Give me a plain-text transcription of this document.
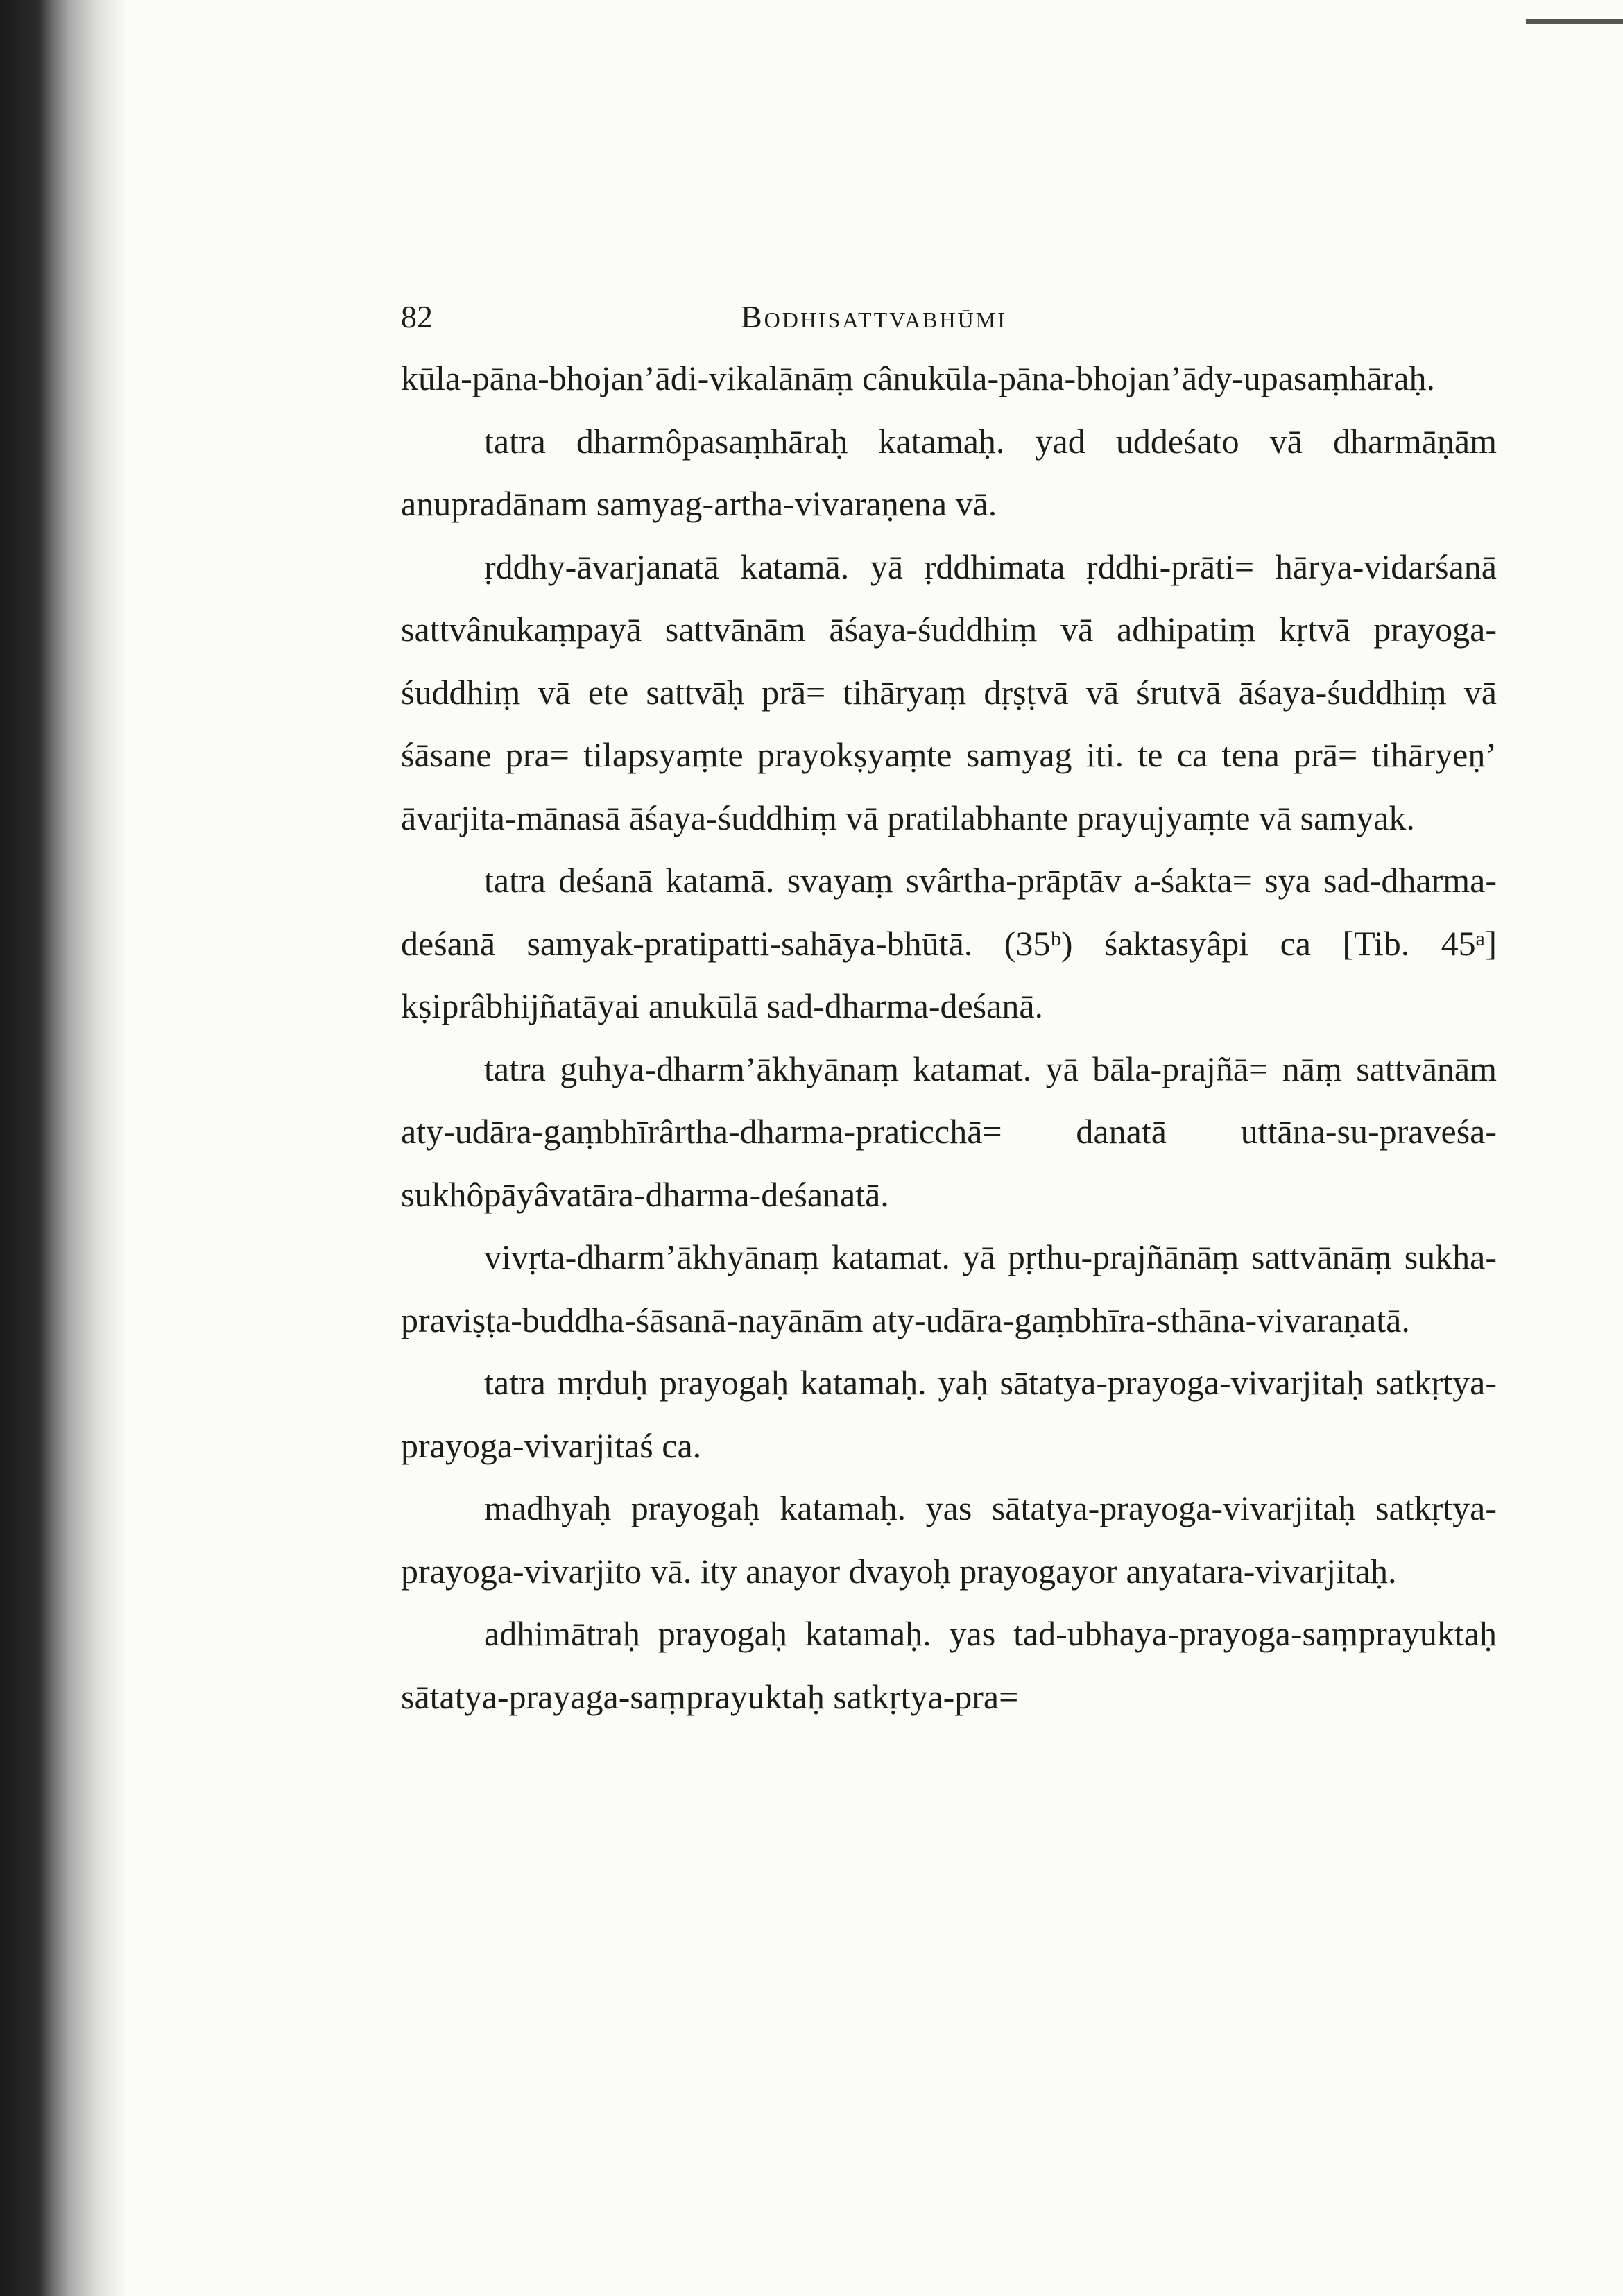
82	Bodhisattvabhūmi

kūla-pāna-bhojan’ādi-vikalānāṃ cânukūla-pāna-bhojan’ādy-upasaṃhāraḥ.

tatra dharmôpasaṃhāraḥ katamaḥ. yad uddeśato vā dharmāṇām anupradānam samyag-artha-vivaraṇena vā.

ṛddhy-āvarjanatā katamā. yā ṛddhimata ṛddhi-prāti= hārya-vidarśanā sattvânukaṃpayā sattvānām āśaya-śuddhiṃ vā adhipatiṃ kṛtvā prayoga-śuddhiṃ vā ete sattvāḥ prā= tihāryaṃ dṛṣṭvā vā śrutvā āśaya-śuddhiṃ vā śāsane pra= tilapsyaṃte prayokṣyaṃte samyag iti. te ca tena prā= tihāryeṇ’ āvarjita-mānasā āśaya-śuddhiṃ vā pratilabhante prayujyaṃte vā samyak.

tatra deśanā katamā. svayaṃ svârtha-prāptāv a-śakta= sya sad-dharma-deśanā samyak-pratipatti-sahāya-bhūtā. (35ᵇ) śaktasyâpi ca [Tib. 45ᵃ] kṣiprâbhijñatāyai anukūlā sad-dharma-deśanā.

tatra guhya-dharm’ākhyānaṃ katamat. yā bāla-prajñā= nāṃ sattvānām aty-udāra-gaṃbhīrârtha-dharma-praticchā= danatā uttāna-su-praveśa-sukhôpāyâvatāra-dharma-deśanatā.

vivṛta-dharm’ākhyānaṃ katamat. yā pṛthu-prajñānāṃ sattvānāṃ sukha-praviṣṭa-buddha-śāsanā-nayānām aty-udāra-gaṃbhīra-sthāna-vivaraṇatā.

tatra mṛduḥ prayogaḥ katamaḥ. yaḥ sātatya-prayoga-vivarjitaḥ satkṛtya-prayoga-vivarjitaś ca.

madhyaḥ prayogaḥ katamaḥ. yas sātatya-prayoga-vivarjitaḥ satkṛtya-prayoga-vivarjito vā. ity anayor dvayoḥ prayogayor anyatara-vivarjitaḥ.

adhimātraḥ prayogaḥ katamaḥ. yas tad-ubhaya-prayoga-saṃprayuktaḥ sātatya-prayaga-saṃprayuktaḥ satkṛtya-pra=
